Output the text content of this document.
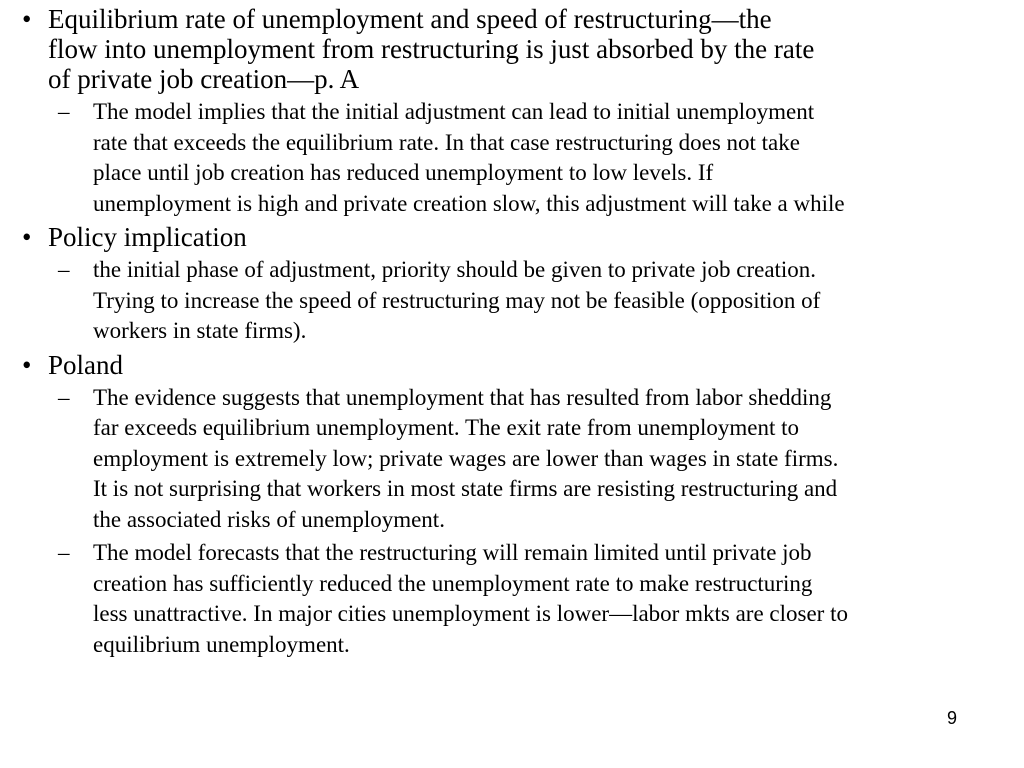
• Equilibrium rate of unemployment and speed of restructuring—the
flow into unemployment from restructuring is just absorbed by the rate
of private job creation—p. A
–	The model implies that the initial adjustment can lead to initial unemployment
rate that exceeds the equilibrium rate. In that case restructuring does not take
place until job creation has reduced unemployment to low levels. If
unemployment is high and private creation slow, this adjustment will take a while
• Policy implication
–	the initial phase of adjustment, priority should be given to private job creation.
Trying to increase the speed of restructuring may not be feasible (opposition of
workers in state firms).
• Poland
–	The evidence suggests that unemployment that has resulted from labor shedding
far exceeds equilibrium unemployment. The exit rate from unemployment to
employment is extremely low; private wages are lower than wages in state firms.
It is not surprising that workers in most state firms are resisting restructuring and
the associated risks of unemployment.
–	The model forecasts that the restructuring will remain limited until private job
creation has sufficiently reduced the unemployment rate to make restructuring
less unattractive. In major cities unemployment is lower—labor mkts are closer to
equilibrium unemployment.
9
